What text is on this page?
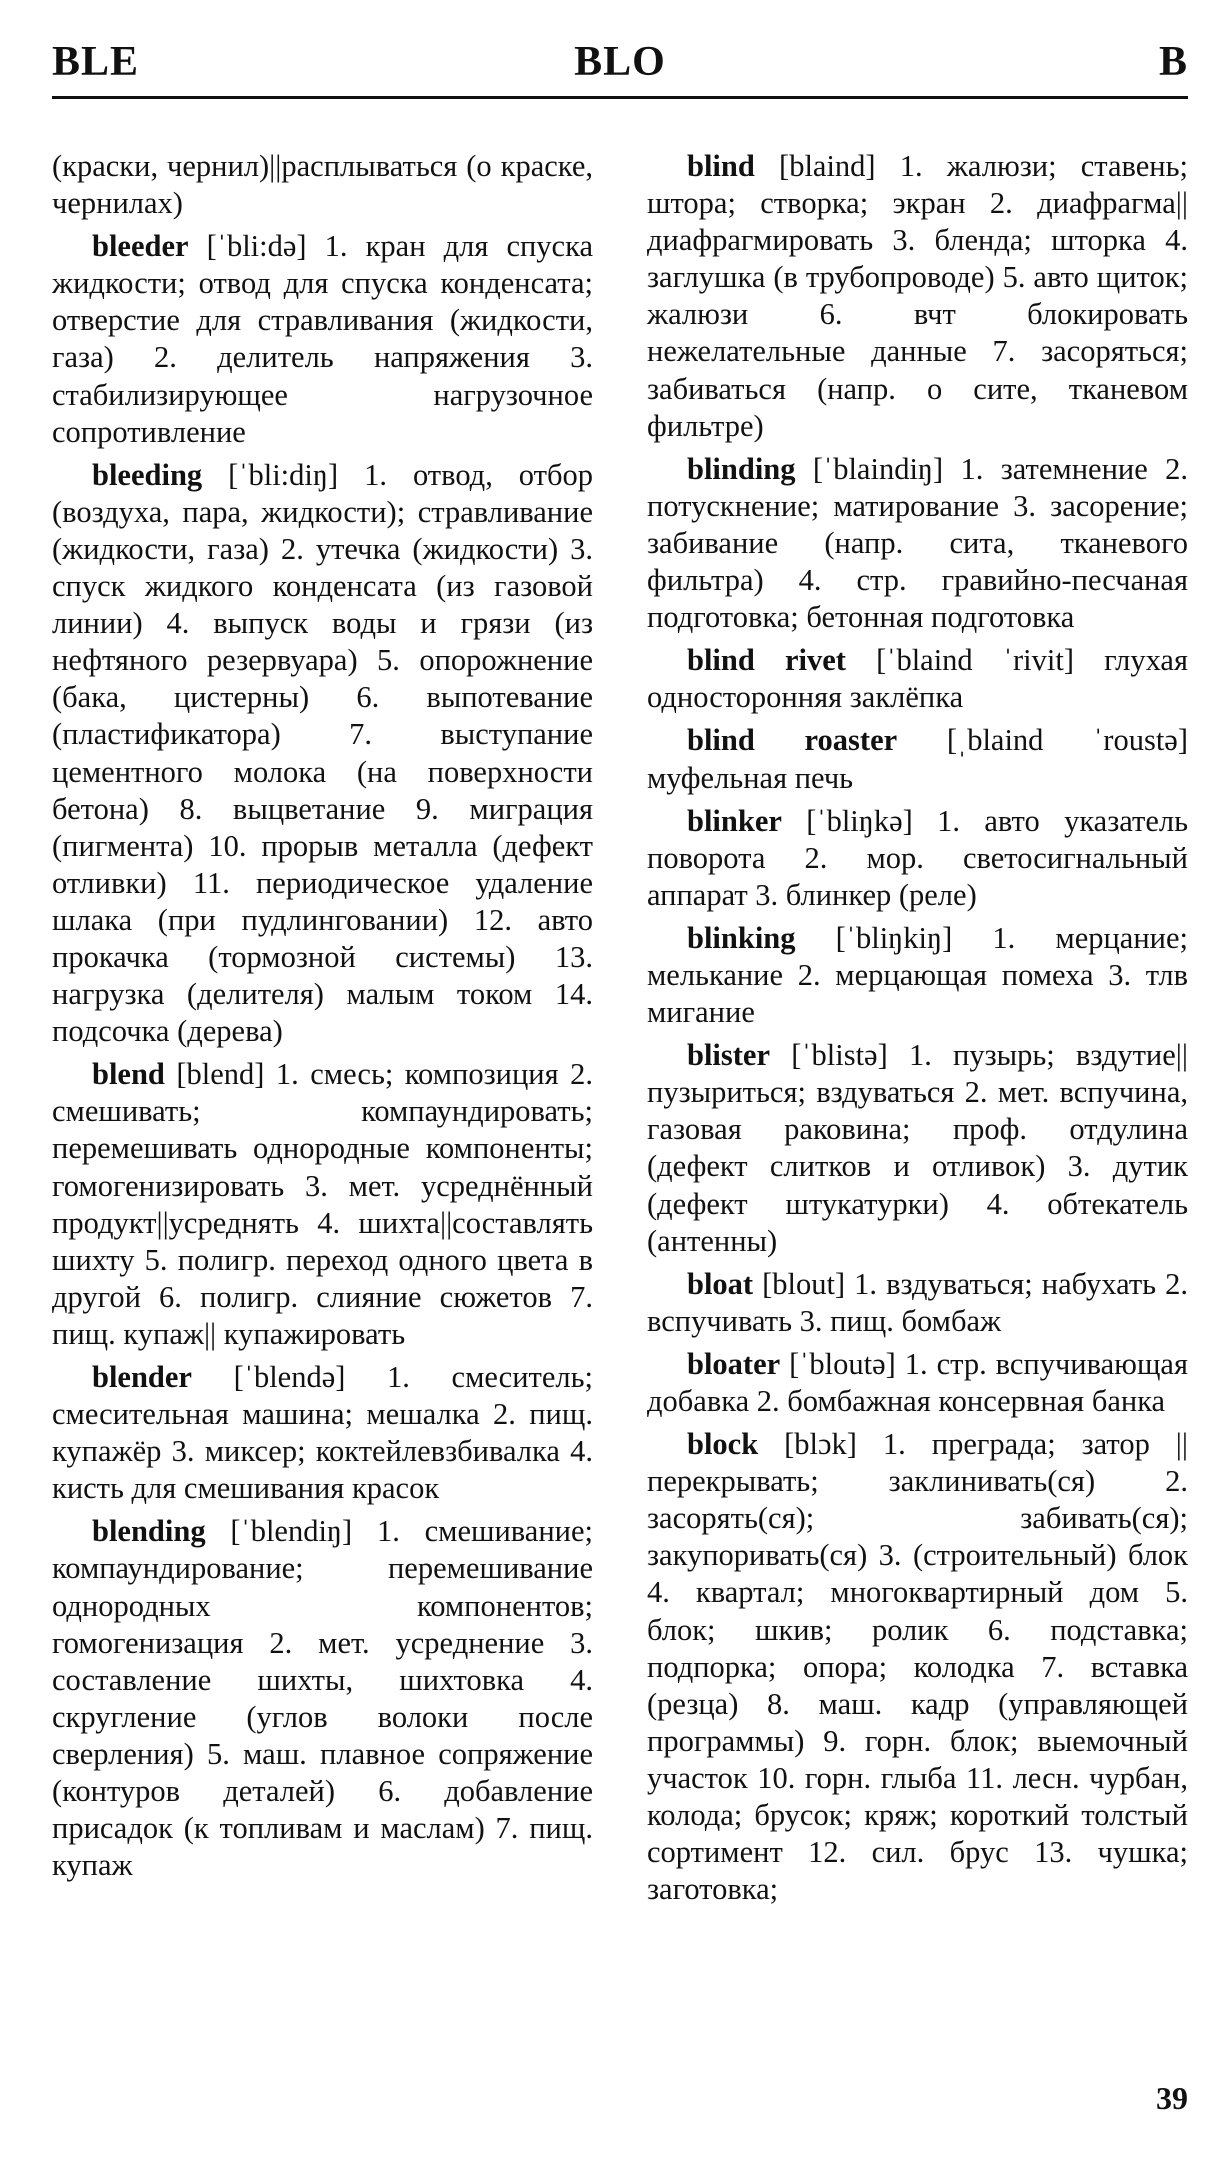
BLE	BLO	B

(краски, чернил)||расплываться (о краске, чернилах)

bleeder [ˈbli:də] 1. кран для спуска жидкости; отвод для спуска конденсата; отверстие для стравливания (жидкости, газа) 2. делитель напряжения 3. стабилизирующее нагрузочное сопротивление

bleeding [ˈbli:diŋ] 1. отвод, отбор (воздуха, пара, жидкости); стравливание (жидкости, газа) 2. утечка (жидкости) 3. спуск жидкого конденсата (из газовой линии) 4. выпуск воды и грязи (из нефтяного резервуара) 5. опорожнение (бака, цистерны) 6. выпотевание (пластификатора) 7. выступание цементного молока (на поверхности бетона) 8. выцветание 9. миграция (пигмента) 10. прорыв металла (дефект отливки) 11. периодическое удаление шлака (при пудлинговании) 12. авто прокачка (тормозной системы) 13. нагрузка (делителя) малым током 14. подсочка (дерева)

blend [blend] 1. смесь; композиция 2. смешивать; компаундировать; перемешивать однородные компоненты; гомогенизировать 3. мет. усреднённый продукт||усреднять 4. шихта||составлять шихту 5. полигр. переход одного цвета в другой 6. полигр. слияние сюжетов 7. пищ. купаж|| купажировать

blender [ˈblendə] 1. смеситель; смесительная машина; мешалка 2. пищ. купажёр 3. миксер; коктейлевзбивалка 4. кисть для смешивания красок

blending [ˈblendiŋ] 1. смешивание; компаундирование; перемешивание однородных компонентов; гомогенизация 2. мет. усреднение 3. составление шихты, шихтовка 4. скругление (углов волоки после сверления) 5. маш. плавное сопряжение (контуров деталей) 6. добавление присадок (к топливам и маслам) 7. пищ. купаж

blind [blaind] 1. жалюзи; ставень; штора; створка; экран 2. диафрагма||диафрагмировать 3. бленда; шторка 4. заглушка (в трубопроводе) 5. авто щиток; жалюзи 6. вчт блокировать нежелательные данные 7. засоряться; забиваться (напр. о сите, тканевом фильтре)

blinding [ˈblaindiŋ] 1. затемнение 2. потускнение; матирование 3. засорение; забивание (напр. сита, тканевого фильтра) 4. стр. гравийно-песчаная подготовка; бетонная подготовка

blind rivet [ˈblaind ˈrivit] глухая односторонняя заклёпка

blind roaster [ˌblaind ˈroustə] муфельная печь

blinker [ˈbliŋkə] 1. авто указатель поворота 2. мор. светосигнальный аппарат 3. блинкер (реле)

blinking [ˈbliŋkiŋ] 1. мерцание; мелькание 2. мерцающая помеха 3. тлв мигание

blister [ˈblistə] 1. пузырь; вздутие||пузыриться; вздуваться 2. мет. вспучина, газовая раковина; проф. отдулина (дефект слитков и отливок) 3. дутик (дефект штукатурки) 4. обтекатель (антенны)

bloat [blout] 1. вздуваться; набухать 2. вспучивать 3. пищ. бомбаж

bloater [ˈbloutə] 1. стр. вспучивающая добавка 2. бомбажная консервная банка

block [blɔk] 1. преграда; затор ||перекрывать; заклинивать(ся) 2. засорять(ся); забивать(ся); закупоривать(ся) 3. (строительный) блок 4. квартал; многоквартирный дом 5. блок; шкив; ролик 6. подставка; подпорка; опора; колодка 7. вставка (резца) 8. маш. кадр (управляющей программы) 9. горн. блок; выемочный участок 10. горн. глыба 11. лесн. чурбан, колода; брусок; кряж; короткий толстый сортимент 12. сил. брус 13. чушка; заготовка;

39
